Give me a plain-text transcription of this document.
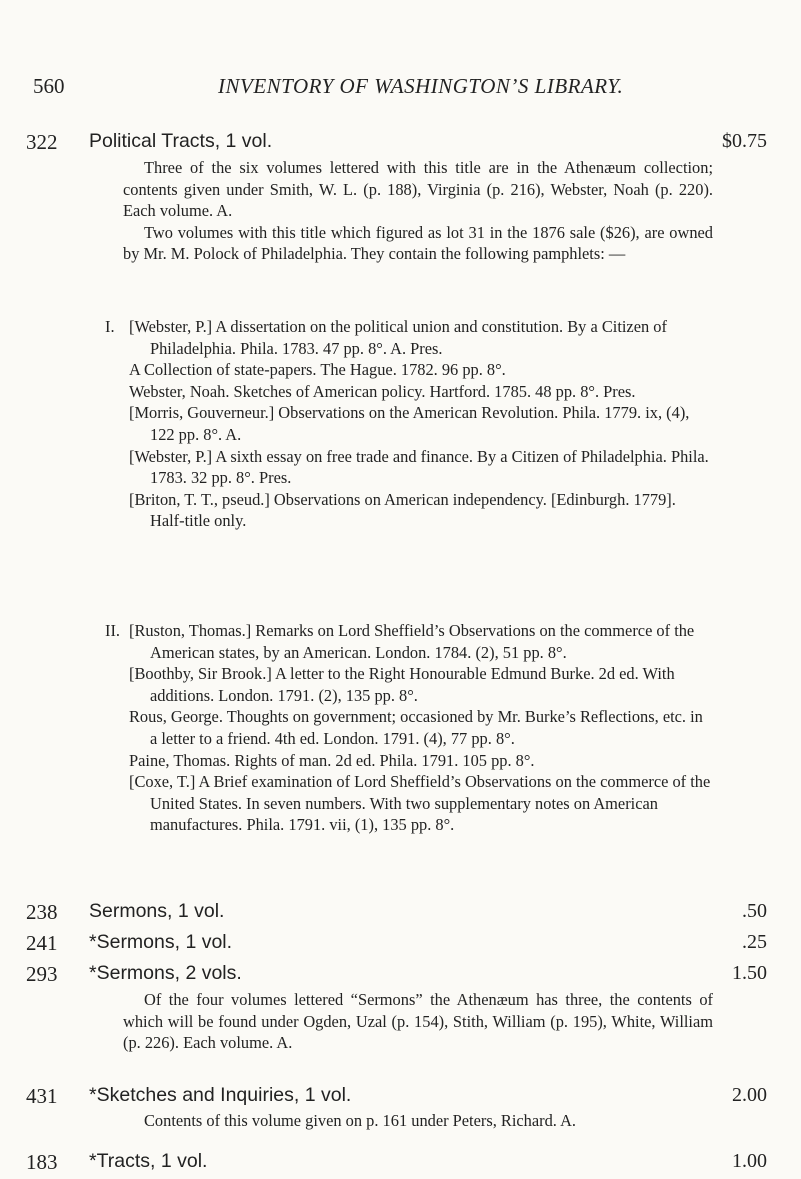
560	INVENTORY OF WASHINGTON’S LIBRARY.
322 Political Tracts, 1 vol.	$0.75

Three of the six volumes lettered with this title are in the Athenæum collection; contents given under Smith, W. L. (p. 188), Virginia (p. 216), Webster, Noah (p. 220). Each volume. A.

Two volumes with this title which figured as lot 31 in the 1876 sale ($26), are owned by Mr. M. Polock of Philadelphia. They contain the following pamphlets: —

I. [Webster, P.] A dissertation on the political union and constitution. By a Citizen of Philadelphia. Phila. 1783. 47 pp. 8°. A. Pres.

A Collection of state-papers. The Hague. 1782. 96 pp. 8°.

Webster, Noah. Sketches of American policy. Hartford. 1785. 48 pp. 8°. Pres.

[Morris, Gouverneur.] Observations on the American Revolution. Phila. 1779. ix, (4), 122 pp. 8°. A.

[Webster, P.] A sixth essay on free trade and finance. By a Citizen of Philadelphia. Phila. 1783. 32 pp. 8°. Pres.

[Briton, T. T., pseud.] Observations on American independency. [Edinburgh. 1779]. Half-title only.

II. [Ruston, Thomas.] Remarks on Lord Sheffield’s Observations on the commerce of the American states, by an American. London. 1784. (2), 51 pp. 8°.

[Boothby, Sir Brook.] A letter to the Right Honourable Edmund Burke. 2d ed. With additions. London. 1791. (2), 135 pp. 8°.

Rous, George. Thoughts on government; occasioned by Mr. Burke’s Reflections, etc. in a letter to a friend. 4th ed. London. 1791. (4), 77 pp. 8°.

Paine, Thomas. Rights of man. 2d ed. Phila. 1791. 105 pp. 8°.

[Coxe, T.] A Brief examination of Lord Sheffield’s Observations on the commerce of the United States. In seven numbers. With two supplementary notes on American manufactures. Phila. 1791. vii, (1), 135 pp. 8°.

238 Sermons, 1 vol.	.50
241 *Sermons, 1 vol.	.25
293 *Sermons, 2 vols.	1.50

Of the four volumes lettered “Sermons” the Athenæum has three, the contents of which will be found under Ogden, Uzal (p. 154), Stith, William (p. 195), White, William (p. 226). Each volume. A.

431 *Sketches and Inquiries, 1 vol.	2.00

Contents of this volume given on p. 161 under Peters, Richard. A.

183 *Tracts, 1 vol.	1.00
